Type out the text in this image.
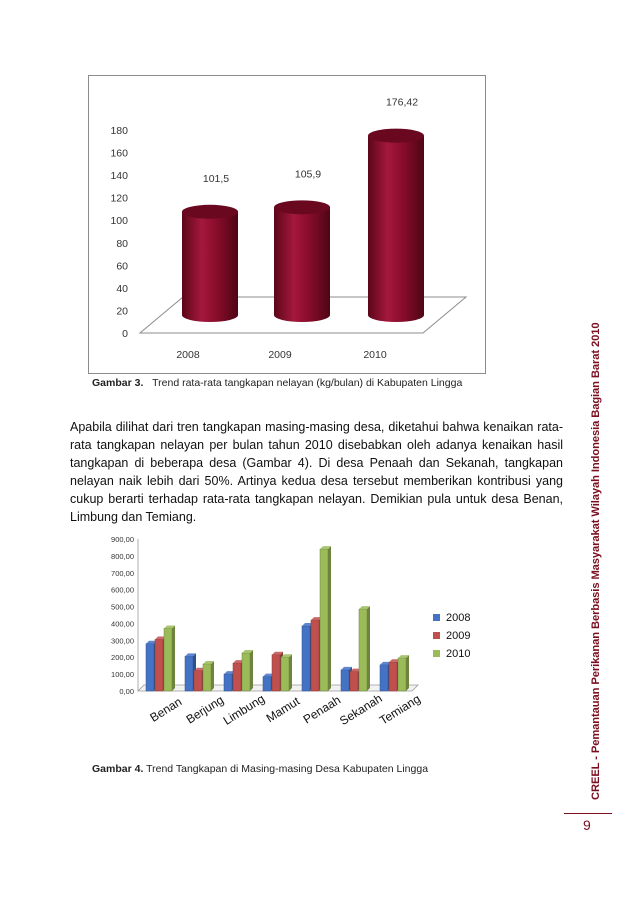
0
20
40
60
80
100
120
140
160
180
101,5
2008
105,9
2009
176,42
2010
Gambar 3. Trend rata-rata tangkapan nelayan (kg/bulan) di Kabupaten Lingga

Apabila dilihat dari tren tangkapan masing-masing desa, diketahui bahwa kenaikan rata-rata tangkapan nelayan per bulan tahun 2010 disebabkan oleh adanya kenaikan hasil tangkapan di beberapa desa (Gambar 4). Di desa Penaah dan Sekanah, tangkapan nelayan naik lebih dari 50%. Artinya kedua desa tersebut memberikan kontribusi yang cukup berarti terhadap rata-rata tangkapan nelayan. Demikian pula untuk desa Benan, Limbung dan Temiang.

0,00
100,00
200,00
300,00
400,00
500,00
600,00
700,00
800,00
900,00
Benan Berjung
Limbung
Mamut
Penaah
Sekanah
Temiang
2008
2009
2010
Gambar 4. Trend Tangkapan di Masing-masing Desa Kabupaten Lingga	CREEL - Pemantauan Perikanan Berbasis Masyarakat Wilayah Indonesia Bagian Barat 2010
9
